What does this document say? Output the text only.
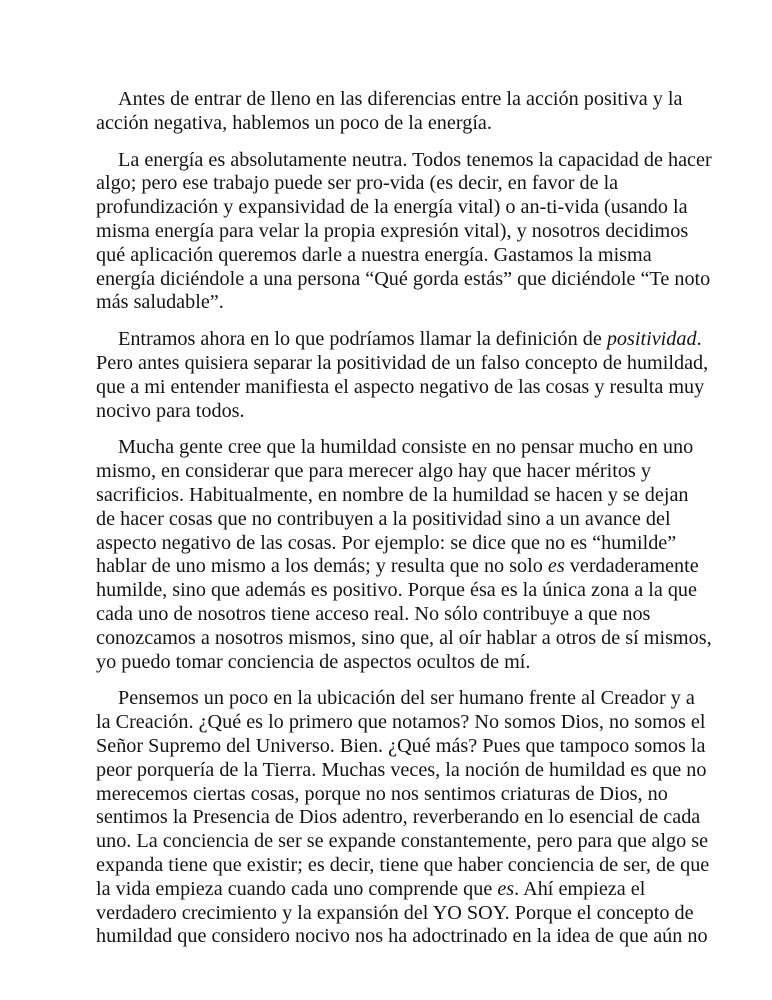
Antes de entrar de lleno en las diferencias entre la acción positiva y la
acción negativa, hablemos un poco de la energía.
La energía es absolutamente neutra. Todos tenemos la capacidad de hacer
algo; pero ese trabajo puede ser pro-vida (es decir, en favor de la
profundización y expansividad de la energía vital) o an-ti-vida (usando la
misma energía para velar la propia expresión vital), y nosotros decidimos
qué aplicación queremos darle a nuestra energía. Gastamos la misma
energía diciéndole a una persona “Qué gorda estás” que diciéndole “Te noto
más saludable”.
Entramos ahora en lo que podríamos llamar la definición de positividad.
Pero antes quisiera separar la positividad de un falso concepto de humildad,
que a mi entender manifiesta el aspecto negativo de las cosas y resulta muy
nocivo para todos.
Mucha gente cree que la humildad consiste en no pensar mucho en uno
mismo, en considerar que para merecer algo hay que hacer méritos y
sacrificios. Habitualmente, en nombre de la humildad se hacen y se dejan
de hacer cosas que no contribuyen a la positividad sino a un avance del
aspecto negativo de las cosas. Por ejemplo: se dice que no es “humilde”
hablar de uno mismo a los demás; y resulta que no solo es verdaderamente
humilde, sino que además es positivo. Porque ésa es la única zona a la que
cada uno de nosotros tiene acceso real. No sólo contribuye a que nos
conozcamos a nosotros mismos, sino que, al oír hablar a otros de sí mismos,
yo puedo tomar conciencia de aspectos ocultos de mí.
Pensemos un poco en la ubicación del ser humano frente al Creador y a
la Creación. ¿Qué es lo primero que notamos? No somos Dios, no somos el
Señor Supremo del Universo. Bien. ¿Qué más? Pues que tampoco somos la
peor porquería de la Tierra. Muchas veces, la noción de humildad es que no
merecemos ciertas cosas, porque no nos sentimos criaturas de Dios, no
sentimos la Presencia de Dios adentro, reverberando en lo esencial de cada
uno. La conciencia de ser se expande constantemente, pero para que algo se
expanda tiene que existir; es decir, tiene que haber conciencia de ser, de que
la vida empieza cuando cada uno comprende que es. Ahí empieza el
verdadero crecimiento y la expansión del YO SOY. Porque el concepto de
humildad que considero nocivo nos ha adoctrinado en la idea de que aún no
